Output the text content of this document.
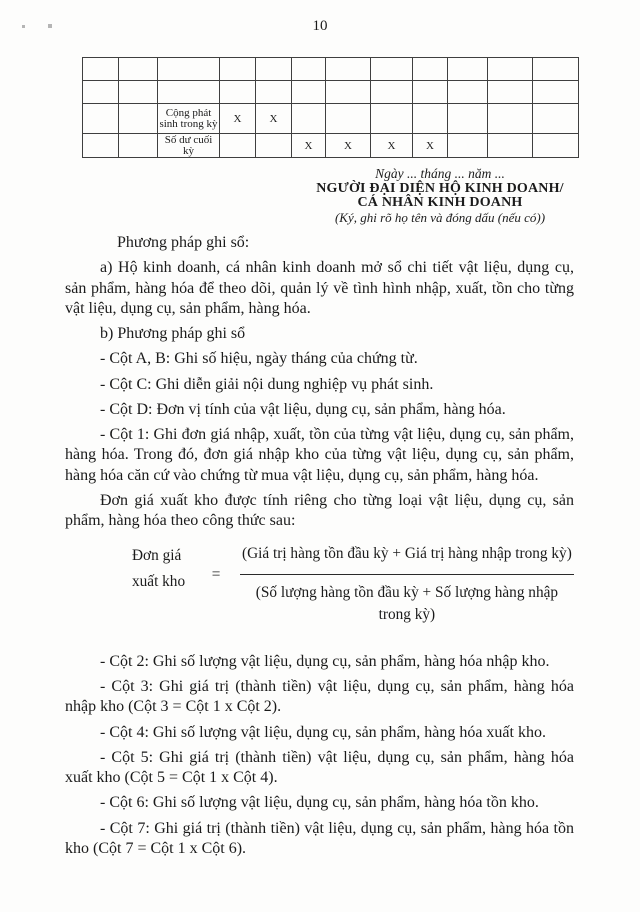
10

		Cộng phát sinh trong kỳ	X	X							
		Số dư cuối kỳ			X	X	X	X			
Ngày ... tháng ... năm ...
NGƯỜI ĐẠI DIỆN HỘ KINH DOANH/
CÁ NHÂN KINH DOANH
(Ký, ghi rõ họ tên và đóng dấu (nếu có))

Phương pháp ghi sổ:

a) Hộ kinh doanh, cá nhân kinh doanh mở sổ chi tiết vật liệu, dụng cụ, sản phẩm, hàng hóa để theo dõi, quản lý về tình hình nhập, xuất, tồn cho từng vật liệu, dụng cụ, sản phẩm, hàng hóa.

b) Phương pháp ghi sổ

- Cột A, B: Ghi số hiệu, ngày tháng của chứng từ.

- Cột C: Ghi diễn giải nội dung nghiệp vụ phát sinh.

- Cột D: Đơn vị tính của vật liệu, dụng cụ, sản phẩm, hàng hóa.

- Cột 1: Ghi đơn giá nhập, xuất, tồn của từng vật liệu, dụng cụ, sản phẩm, hàng hóa. Trong đó, đơn giá nhập kho của từng vật liệu, dụng cụ, sản phẩm, hàng hóa căn cứ vào chứng từ mua vật liệu, dụng cụ, sản phẩm, hàng hóa.

Đơn giá xuất kho được tính riêng cho từng loại vật liệu, dụng cụ, sản phẩm, hàng hóa theo công thức sau:

Đơn giá
xuất kho	=	$\frac{\text{(Giá trị hàng tồn đầu kỳ + Giá trị hàng nhập trong kỳ)}}{\text{(Số lượng hàng tồn đầu kỳ + Số lượng hàng nhập trong kỳ)}}$

- Cột 2: Ghi số lượng vật liệu, dụng cụ, sản phẩm, hàng hóa nhập kho.

- Cột 3: Ghi giá trị (thành tiền) vật liệu, dụng cụ, sản phẩm, hàng hóa nhập kho (Cột 3 = Cột 1 x Cột 2).

- Cột 4: Ghi số lượng vật liệu, dụng cụ, sản phẩm, hàng hóa xuất kho.

- Cột 5: Ghi giá trị (thành tiền) vật liệu, dụng cụ, sản phẩm, hàng hóa xuất kho (Cột 5 = Cột 1 x Cột 4).

- Cột 6: Ghi số lượng vật liệu, dụng cụ, sản phẩm, hàng hóa tồn kho.

- Cột 7: Ghi giá trị (thành tiền) vật liệu, dụng cụ, sản phẩm, hàng hóa tồn kho (Cột 7 = Cột 1 x Cột 6).
